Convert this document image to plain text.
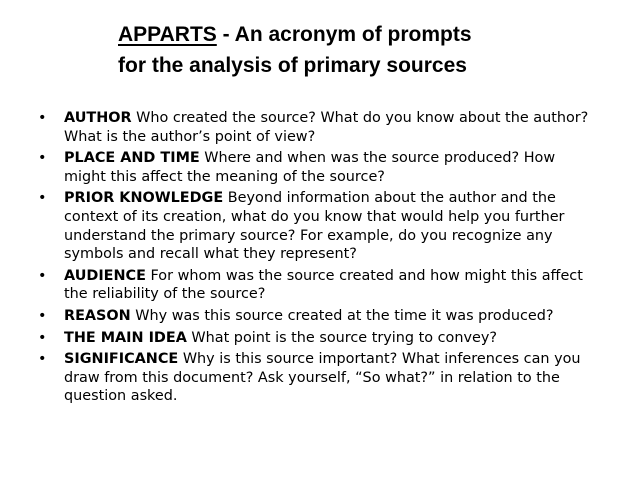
APPARTS - An acronym of prompts
for the analysis of primary sources
•	AUTHOR Who created the source? What do you know about the author? What is the author’s point of view?
•	PLACE AND TIME Where and when was the source produced? How might this affect the meaning of the source?
•	PRIOR KNOWLEDGE Beyond information about the author and the context of its creation, what do you know that would help you further understand the primary source? For example, do you recognize any symbols and recall what they represent?
•	AUDIENCE For whom was the source created and how might this affect the reliability of the source?
•	REASON Why was this source created at the time it was produced?
•	THE MAIN IDEA What point is the source trying to convey?
•	SIGNIFICANCE Why is this source important? What inferences can you draw from this document? Ask yourself, “So what?” in relation to the question asked.
